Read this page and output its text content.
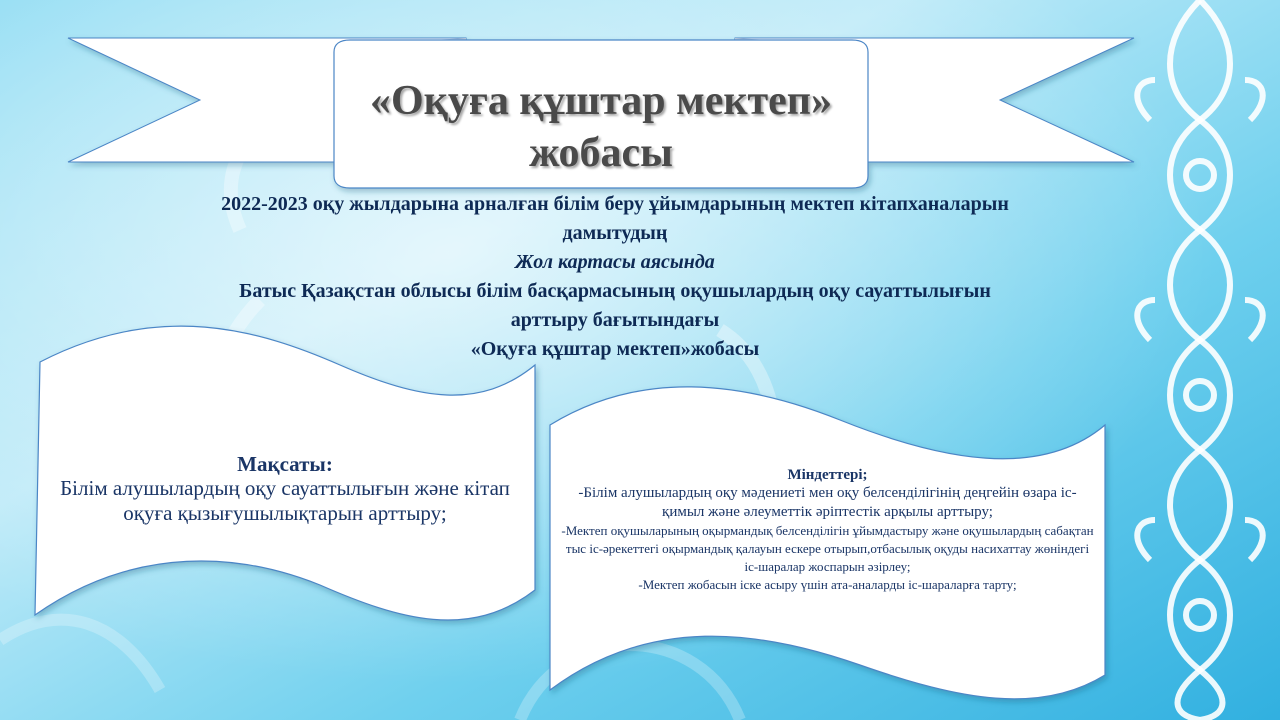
«Оқуға құштар мектеп»
жобасы
2022-2023 оқу жылдарына арналған білім беру ұйымдарының мектеп кітапханаларын
дамытудың
Жол картасы аясында
Батыс Қазақстан облысы білім басқармасының оқушылардың оқу сауаттылығын
арттыру бағытындағы
«Оқуға құштар мектеп»жобасы
Мақсаты:
Білім алушылардың оқу сауаттылығын және кітап оқуға қызығушылықтарын арттыру;
Міндеттері;
-Білім алушылардың оқу мәдениеті мен оқу белсенділігінің деңгейін өзара іс-қимыл және әлеуметтік әріптестік арқылы арттыру;
-Мектеп оқушыларының оқырмандық белсенділігін ұйымдастыру және оқушылардың сабақтан тыс іс-әрекеттегі оқырмандық қалауын ескере отырып,отбасылық оқуды насихаттау жөніндегі іс-шаралар жоспарын әзірлеу;
-Мектеп жобасын іске асыру үшін ата-аналарды іс-шараларға тарту;
